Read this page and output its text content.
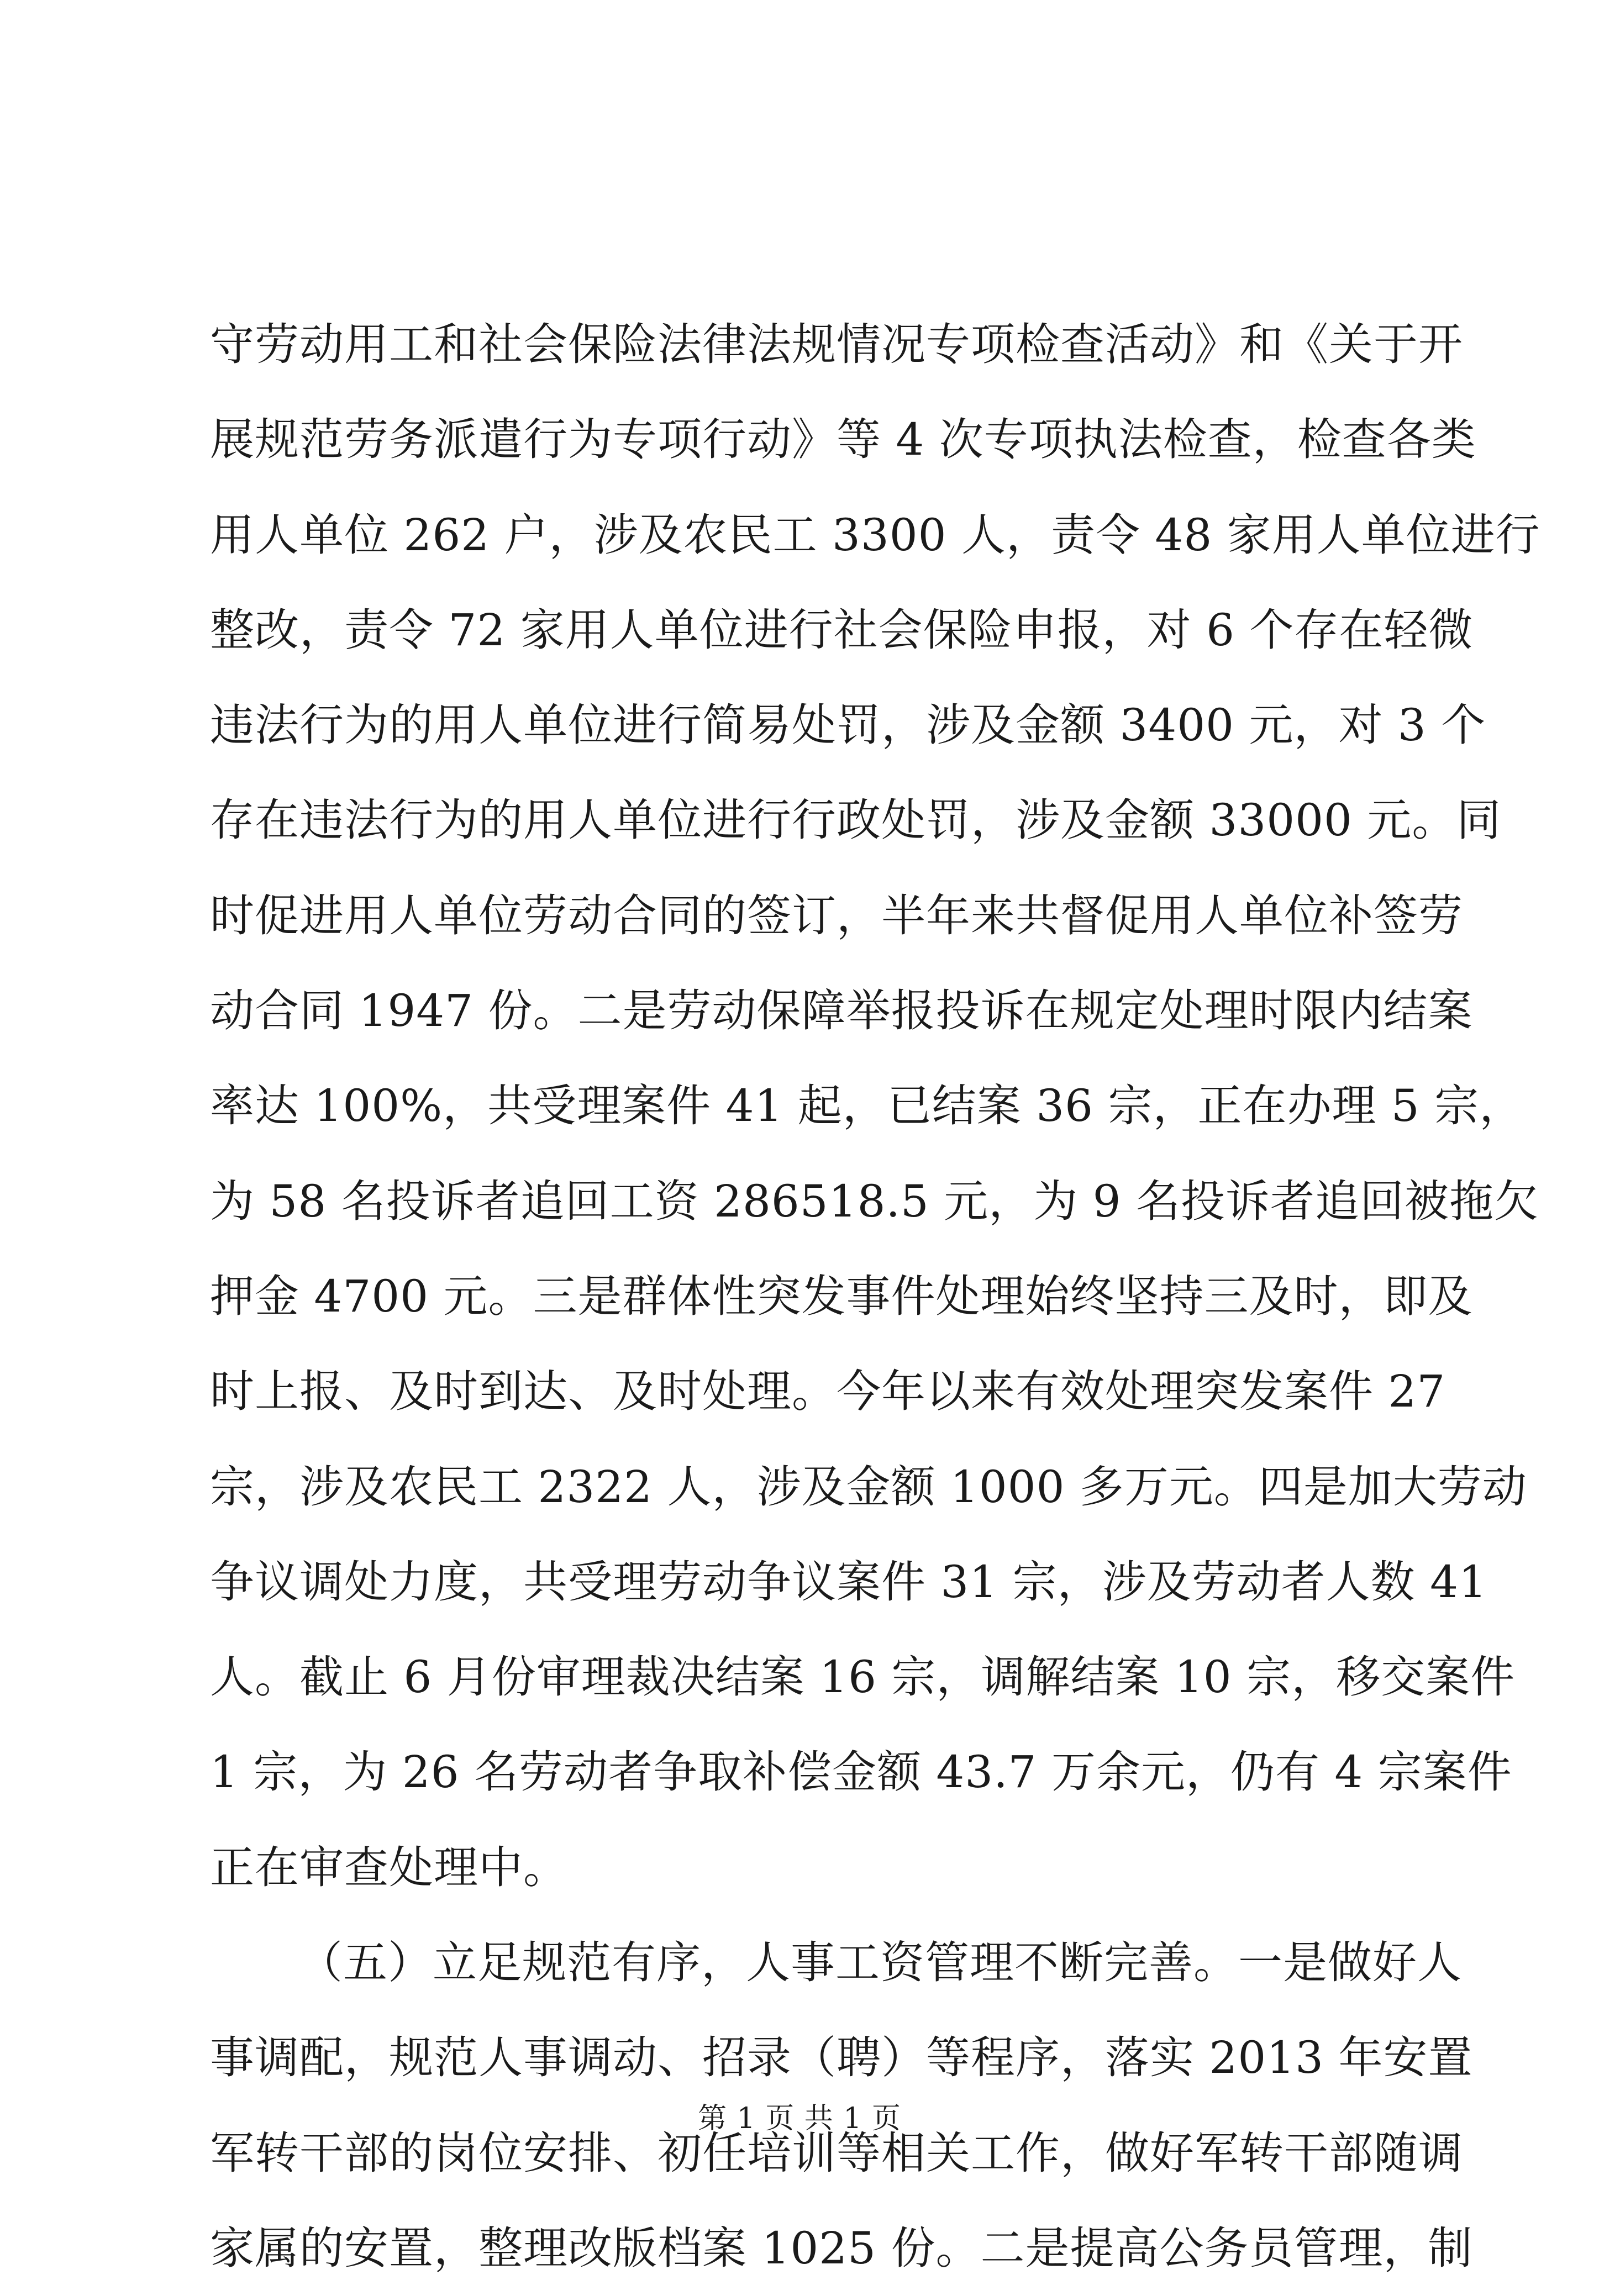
守劳动用工和社会保险法律法规情况专项检查活动》和《关于开
展规范劳务派遣行为专项行动》等 4 次专项执法检查，检查各类
用人单位 262 户，涉及农民工 3300 人，责令 48 家用人单位进行
整改，责令 72 家用人单位进行社会保险申报，对 6 个存在轻微
违法行为的用人单位进行简易处罚，涉及金额 3400 元，对 3 个
存在违法行为的用人单位进行行政处罚，涉及金额 33000 元。同
时促进用人单位劳动合同的签订，半年来共督促用人单位补签劳
动合同 1947 份。二是劳动保障举报投诉在规定处理时限内结案
率达 100%，共受理案件 41 起，已结案 36 宗，正在办理 5 宗，
为 58 名投诉者追回工资 286518.5 元，为 9 名投诉者追回被拖欠
押金 4700 元。三是群体性突发事件处理始终坚持三及时，即及
时上报、及时到达、及时处理。今年以来有效处理突发案件 27
宗，涉及农民工 2322 人，涉及金额 1000 多万元。四是加大劳动
争议调处力度，共受理劳动争议案件 31 宗，涉及劳动者人数 41
人。截止 6 月份审理裁决结案 16 宗，调解结案 10 宗，移交案件
1 宗，为 26 名劳动者争取补偿金额 43.7 万余元，仍有 4 宗案件
正在审查处理中。
（五）立足规范有序，人事工资管理不断完善。一是做好人
事调配，规范人事调动、招录（聘）等程序，落实 2013 年安置
军转干部的岗位安排、初任培训等相关工作，做好军转干部随调
家属的安置，整理改版档案 1025 份。二是提高公务员管理，制
第 1 页 共 1 页
